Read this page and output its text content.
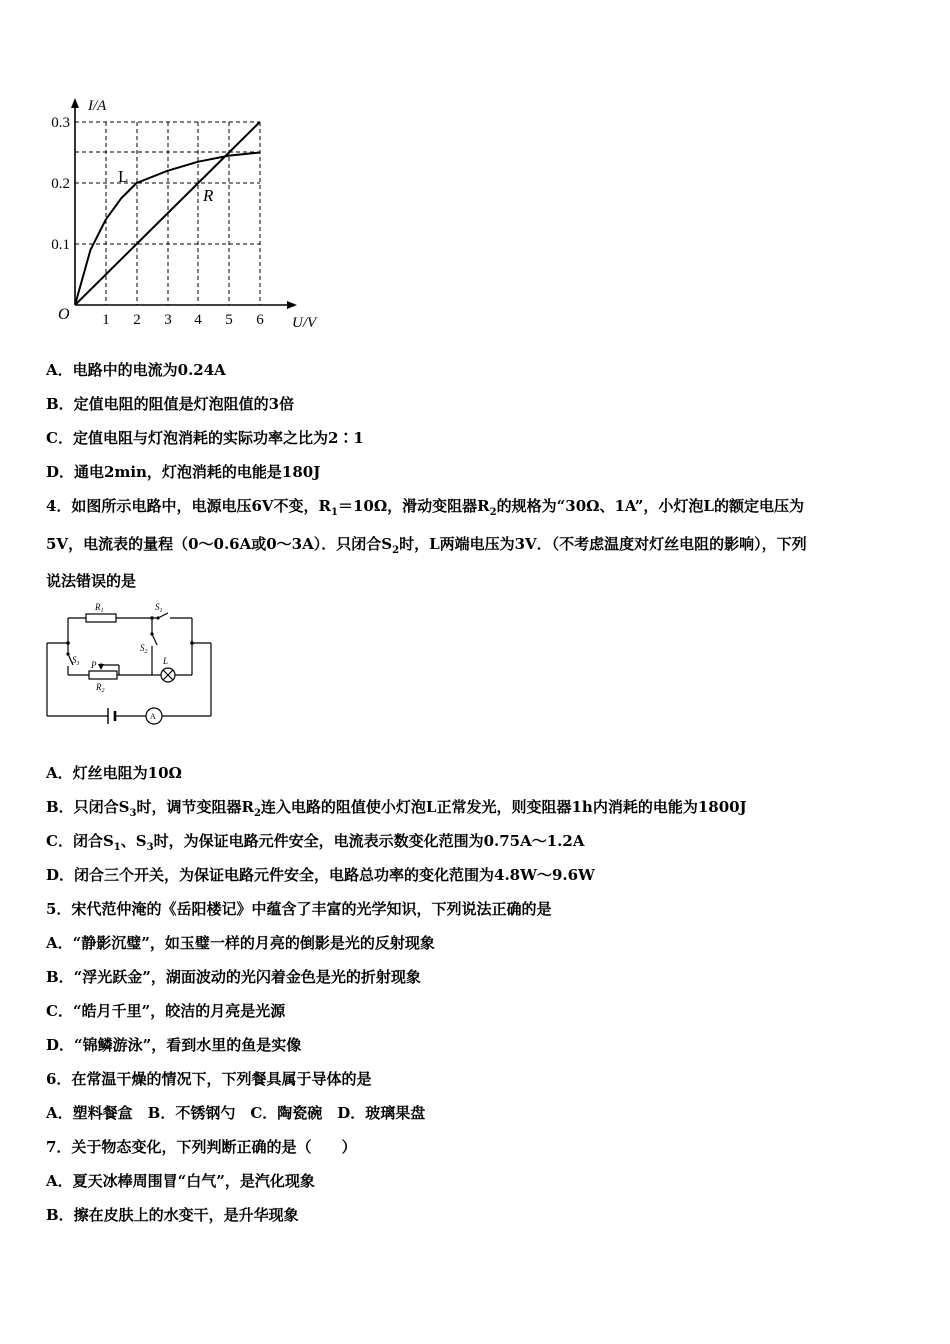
0.3
0.2
0.1
1 2 3 4 5 6
O
I/A
U/V
L
R
A．电路中的电流为0.24A
B．定值电阻的阻值是灯泡阻值的3倍
C．定值电阻与灯泡消耗的实际功率之比为2∶1
D．通电2min，灯泡消耗的电能是180J
4．如图所示电路中，电源电压6V不变，$R_1=10\Omega$，滑动变阻器$R_2$的规格为“30Ω、1A”，小灯泡L的额定电压为
5V，电流表的量程（0～0.6A或0～3A）．只闭合$S_2$时，L两端电压为3V．（不考虑温度对灯丝电阻的影响），下列
说法错误的是
$R_1$	$S_1$
$S_2$
$S_3$ P
$R_2$
L
A
A．灯丝电阻为10Ω
B．只闭合$S_3$时，调节变阻器$R_2$连入电路的阻值使小灯泡L正常发光，则变阻器1h内消耗的电能为1800J
C．闭合$S_1$、$S_3$时，为保证电路元件安全，电流表示数变化范围为0.75A～1.2A
D．闭合三个开关，为保证电路元件安全，电路总功率的变化范围为4.8W～9.6W
5．宋代范仲淹的《岳阳楼记》中蕴含了丰富的光学知识，下列说法正确的是
A．“静影沉璧”，如玉璧一样的月亮的倒影是光的反射现象
B．“浮光跃金”，湖面波动的光闪着金色是光的折射现象
C．“皓月千里”，皎洁的月亮是光源
D．“锦鳞游泳”，看到水里的鱼是实像
6．在常温干燥的情况下，下列餐具属于导体的是
A．塑料餐盒　B．不锈钢勺　C．陶瓷碗　D．玻璃果盘
7．关于物态变化，下列判断正确的是（　　）
A．夏天冰棒周围冒“白气”，是汽化现象
B．擦在皮肤上的水变干，是升华现象
